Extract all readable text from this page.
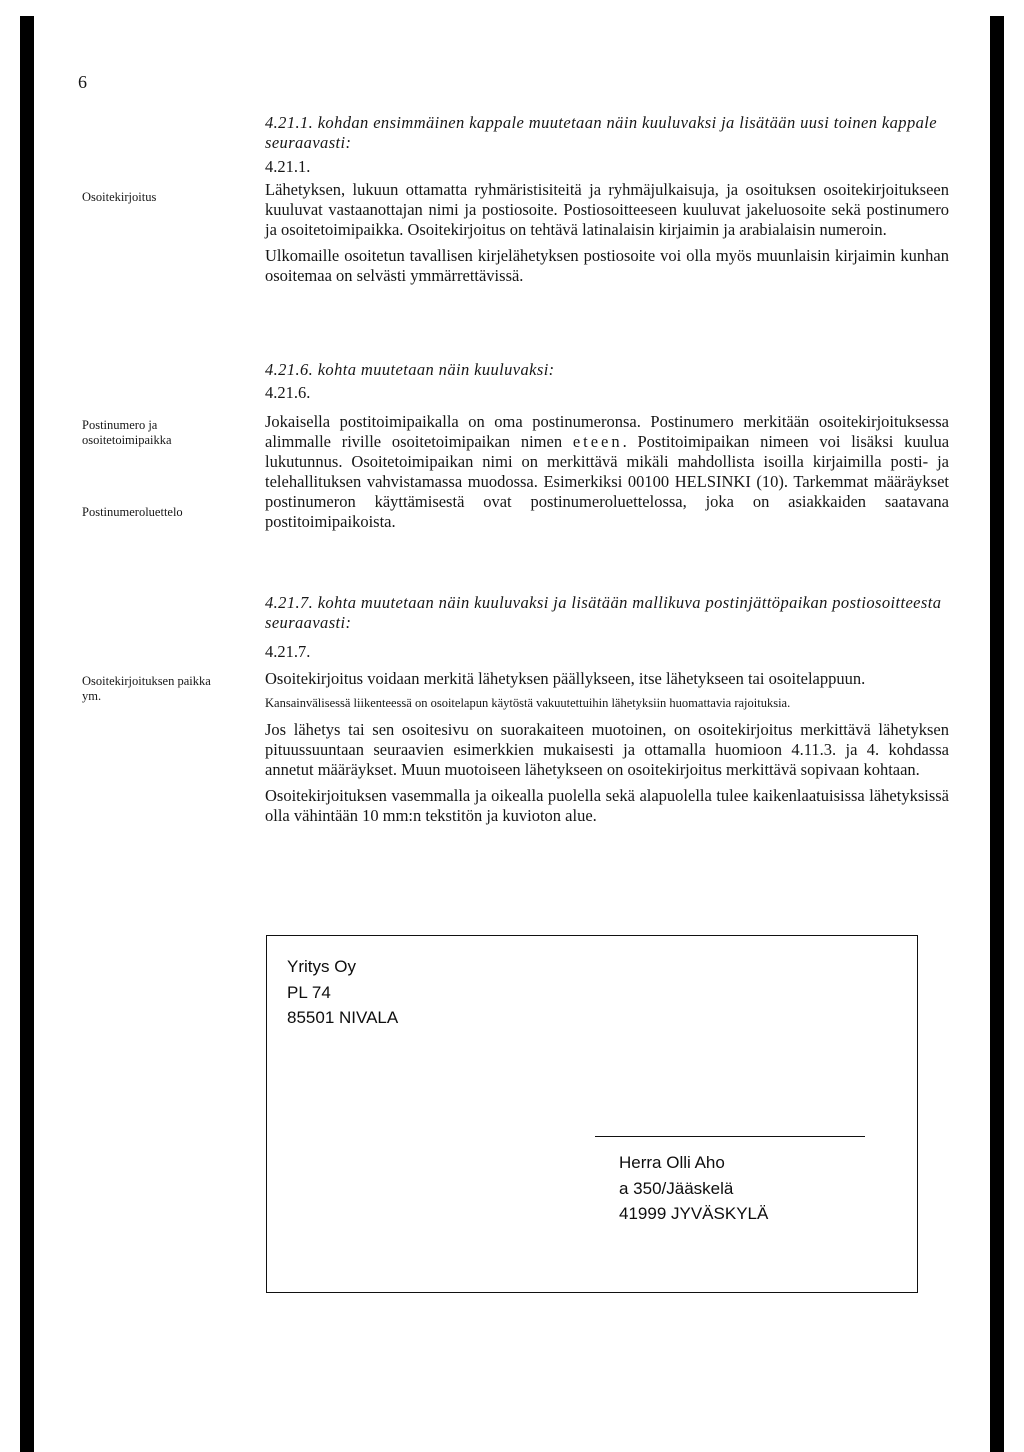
6
Osoitekirjoitus
Postinumero ja osoitetoimipaikka
Postinumeroluettelo
Osoitekirjoituksen paikka ym.
4.21.1. kohdan ensimmäinen kappale muutetaan näin kuuluvaksi ja lisätään uusi toinen kappale seuraavasti:
4.21.1.

Lähetyksen, lukuun ottamatta ryhmäristisiteitä ja ryhmäjulkaisuja, ja osoituksen osoitekirjoitukseen kuuluvat vastaanottajan nimi ja postiosoite. Postiosoitteeseen kuuluvat jakeluosoite sekä postinumero ja osoitetoimipaikka. Osoitekirjoitus on tehtävä latinalaisin kirjaimin ja arabialaisin numeroin.

Ulkomaille osoitetun tavallisen kirjelähetyksen postiosoite voi olla myös muunlaisin kirjaimin kunhan osoitemaa on selvästi ymmärrettävissä.

4.21.6. kohta muutetaan näin kuuluvaksi:
4.21.6.

Jokaisella postitoimipaikalla on oma postinumeronsa. Postinumero merkitään osoitekirjoituksessa alimmalle riville osoitetoimipaikan nimen eteen. Postitoimipaikan nimeen voi lisäksi kuulua lukutunnus. Osoitetoimipaikan nimi on merkittävä mikäli mahdollista isoilla kirjaimilla posti- ja telehallituksen vahvistamassa muodossa. Esimerkiksi 00100 HELSINKI (10). Tarkemmat määräykset postinumeron käyttämisestä ovat postinumeroluettelossa, joka on asiakkaiden saatavana postitoimipaikoista.

4.21.7. kohta muutetaan näin kuuluvaksi ja lisätään mallikuva postinjättöpaikan postiosoitteesta seuraavasti:
4.21.7.

Osoitekirjoitus voidaan merkitä lähetyksen päällykseen, itse lähetykseen tai osoitelappuun.

Kansainvälisessä liikenteessä on osoitelapun käytöstä vakuutettuihin lähetyksiin huomattavia rajoituksia.

Jos lähetys tai sen osoitesivu on suorakaiteen muotoinen, on osoitekirjoitus merkittävä lähetyksen pituussuuntaan seuraavien esimerkkien mukaisesti ja ottamalla huomioon 4.11.3. ja 4. kohdassa annetut määräykset. Muun muotoiseen lähetykseen on osoitekirjoitus merkittävä sopivaan kohtaan.

Osoitekirjoituksen vasemmalla ja oikealla puolella sekä alapuolella tulee kaikenlaatuisissa lähetyksissä olla vähintään 10 mm:n tekstitön ja kuvioton alue.

Yritys Oy
PL 74
85501 NIVALA
Herra Olli Aho
a 350/Jääskelä
41999 JYVÄSKYLÄ
